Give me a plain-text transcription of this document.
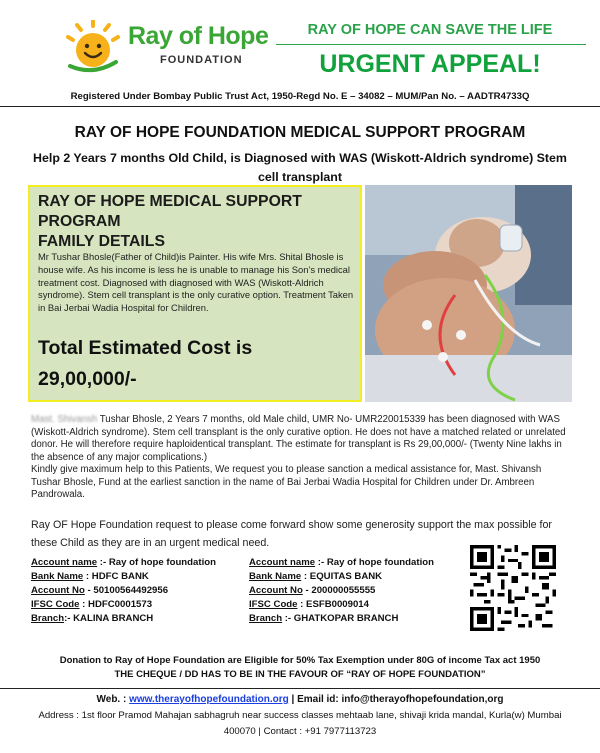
Ray of Hope
FOUNDATION
RAY OF HOPE CAN SAVE THE LIFE
URGENT APPEAL!
Registered Under Bombay Public Trust Act, 1950-Regd No. E – 34082 – MUM/Pan No. – AADTR4733Q
RAY OF HOPE FOUNDATION MEDICAL SUPPORT PROGRAM
Help 2 Years 7 months Old Child, is Diagnosed with WAS (Wiskott-Aldrich syndrome) Stem cell transplant
RAY OF HOPE MEDICAL SUPPORT
PROGRAM
FAMILY DETAILS
Mr Tushar Bhosle(Father of Child)is Painter. His wife Mrs. Shital Bhosle is house wife. As his income is less he is unable to manage his Son’s medical treatment cost. Diagnosed with diagnosed with WAS (Wiskott-Aldrich syndrome). Stem cell transplant is the only curative option. Treatment Taken in Bai Jerbai Wadia Hospital for Children.
Total Estimated Cost is
29,00,000/-
Mast. Shivansh Tushar Bhosle, 2 Years 7 months, old Male child, UMR No- UMR220015339 has been diagnosed with WAS (Wiskott-Aldrich syndrome). Stem cell transplant is the only curative option. He does not have a matched related or unrelated donor. He will therefore require haploidentical transplant. The estimate for transplant is Rs 29,00,000/- (Twenty Nine lakhs in the absence of any major complications.)
Kindly give maximum help to this Patients, We request you to please sanction a medical assistance for, Mast. Shivansh Tushar Bhosle, Fund at the earliest sanction in the name of Bai Jerbai Wadia Hospital for Children under Dr. Ambreen Pandrowala.
Ray OF Hope Foundation request to please come forward show some generosity support the max possible for these Child as they are in an urgent medical need.
Account name :- Ray of hope foundation
Bank Name : HDFC BANK
Account No - 50100564492956
IFSC Code : HDFC0001573
Branch:- KALINA BRANCH
Account name :- Ray of hope foundation
Bank Name : EQUITAS BANK
Account No - 200000055555
IFSC Code : ESFB0009014
Branch :- GHATKOPAR BRANCH
Donation to Ray of Hope Foundation are Eligible for 50% Tax Exemption under 80G of income Tax act 1950
THE CHEQUE / DD HAS TO BE IN THE FAVOUR OF “RAY OF HOPE FOUNDATION”
Web. : www.therayofhopefoundation.org | Email id: info@therayofhopefoundation,org
Address : 1st floor Pramod Mahajan sabhagruh near success classes mehtaab lane, shivaji krida mandal, Kurla(w) Mumbai
400070 | Contact : +91 7977113723
